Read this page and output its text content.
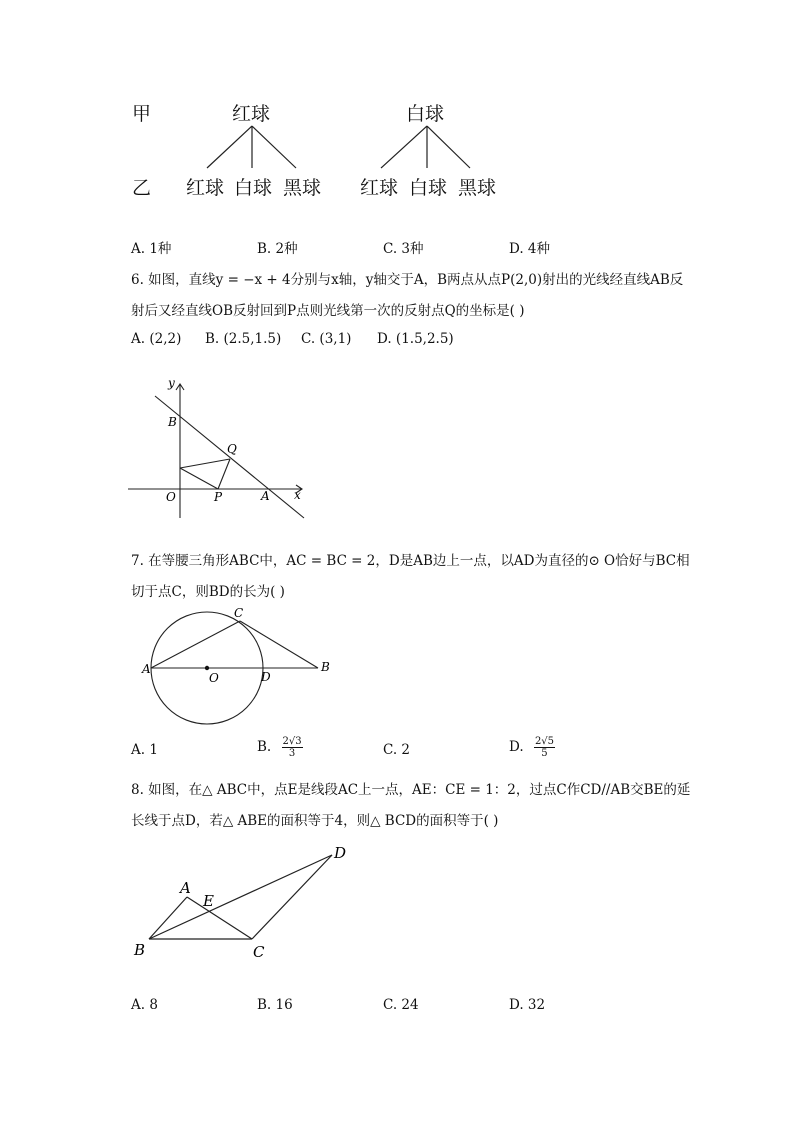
甲
乙
红球	白球
红球 白球 黑球 红球 白球 黑球
A. 1种	B. 2种	C. 3种	D. 4种
6. 如图，直线y = −x + 4分别与x轴，y轴交于A，B两点从点P(2,0)射出的光线经直线AB反
射后又经直线OB反射回到P点则光线第一次的反射点Q的坐标是( )
A. (2,2) B. (2.5,1.5) C. (3,1) D. (1.5,2.5)
y
x
B
Q
O	P	A
7. 在等腰三角形ABC中，AC = BC = 2，D是AB边上一点，以AD为直径的⊙ O恰好与BC相
切于点C，则BD的长为( )
A	B
C
O	D
A. 1	B. $\frac{2√3}{3}$	C. 2	D. $\frac{2√5}{5}$
8. 如图，在△ ABC中，点E是线段AC上一点，AE：CE = 1：2，过点C作CD//AB交BE的延
长线于点D，若△ ABE的面积等于4，则△ BCD的面积等于( )
A
E
D
B	C
A. 8	B. 16	C. 24	D. 32
